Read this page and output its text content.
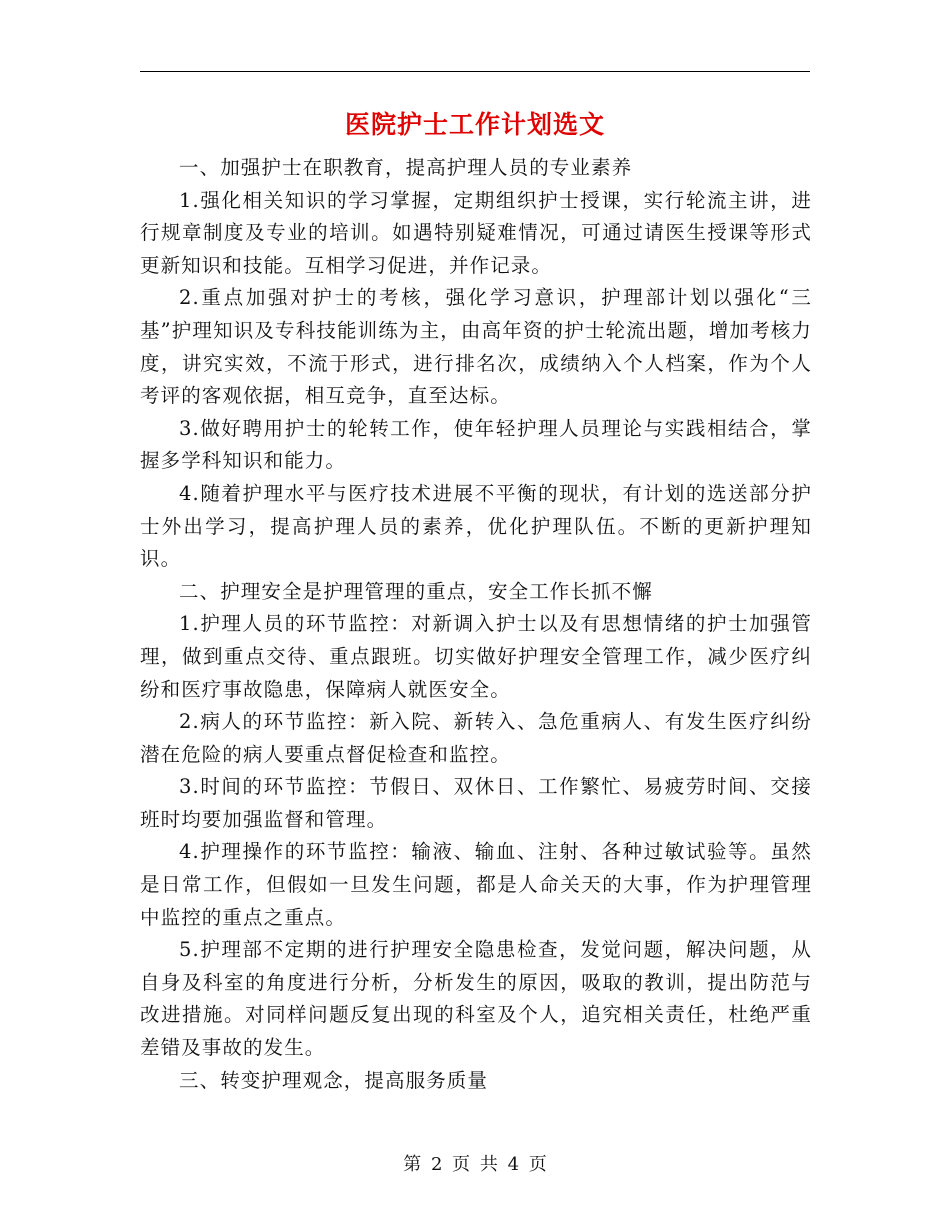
医院护士工作计划选文

一、加强护士在职教育，提高护理人员的专业素养

1.强化相关知识的学习掌握，定期组织护士授课，实行轮流主讲，进行规章制度及专业的培训。如遇特别疑难情况，可通过请医生授课等形式更新知识和技能。互相学习促进，并作记录。

2.重点加强对护士的考核，强化学习意识，护理部计划以强化“三基”护理知识及专科技能训练为主，由高年资的护士轮流出题，增加考核力度，讲究实效，不流于形式，进行排名次，成绩纳入个人档案，作为个人考评的客观依据，相互竞争，直至达标。

3.做好聘用护士的轮转工作，使年轻护理人员理论与实践相结合，掌握多学科知识和能力。

4.随着护理水平与医疗技术进展不平衡的现状，有计划的选送部分护士外出学习，提高护理人员的素养，优化护理队伍。不断的更新护理知识。

二、护理安全是护理管理的重点，安全工作长抓不懈

1.护理人员的环节监控：对新调入护士以及有思想情绪的护士加强管理，做到重点交待、重点跟班。切实做好护理安全管理工作，减少医疗纠纷和医疗事故隐患，保障病人就医安全。

2.病人的环节监控：新入院、新转入、急危重病人、有发生医疗纠纷潜在危险的病人要重点督促检查和监控。

3.时间的环节监控：节假日、双休日、工作繁忙、易疲劳时间、交接班时均要加强监督和管理。

4.护理操作的环节监控：输液、输血、注射、各种过敏试验等。虽然是日常工作，但假如一旦发生问题，都是人命关天的大事，作为护理管理中监控的重点之重点。

5.护理部不定期的进行护理安全隐患检查，发觉问题，解决问题，从自身及科室的角度进行分析，分析发生的原因，吸取的教训，提出防范与改进措施。对同样问题反复出现的科室及个人，追究相关责任，杜绝严重差错及事故的发生。

三、转变护理观念，提高服务质量

第 2 页 共 4 页
